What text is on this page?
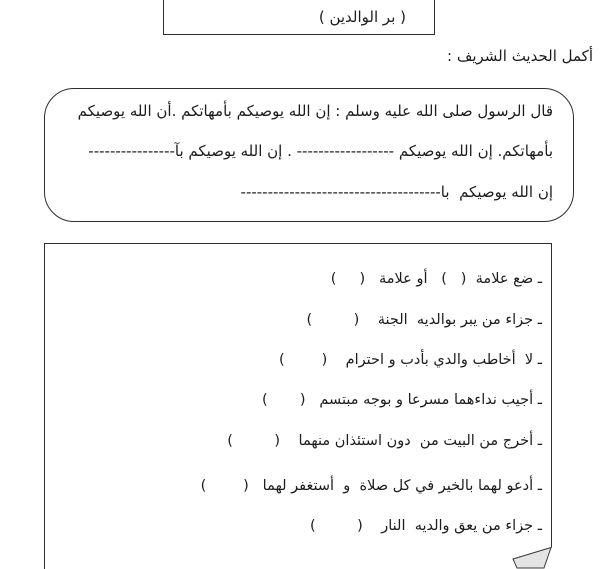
( بر الوالدين )
أكمل الحديث الشريف :
قال الرسول صلى الله عليه وسلم : إن الله يوصيكم بأمهاتكم .أن الله يوصيكم
بأمهاتكم. إن الله يوصيكم ------------------ . إن الله يوصيكم بآ----------------
إن الله يوصيكم  با-------------------------------------
ـ ضع علامة  (   )   أو علامة   (     )
ـ جزاء من يبر بوالديه  الجنة    (         )
ـ لا  أخاطب والدي بأدب و احترام    (        )
ـ أجيب نداءهما مسرعا و بوجه مبتسم   (       )
ـ أخرج من البيت من  دون استئذان منهما    (         )
ـ أدعو لهما بالخير في كل صلاة  و  أستغفر لهما   (        )
ـ جزاء من يعق والديه  النار    (         )
